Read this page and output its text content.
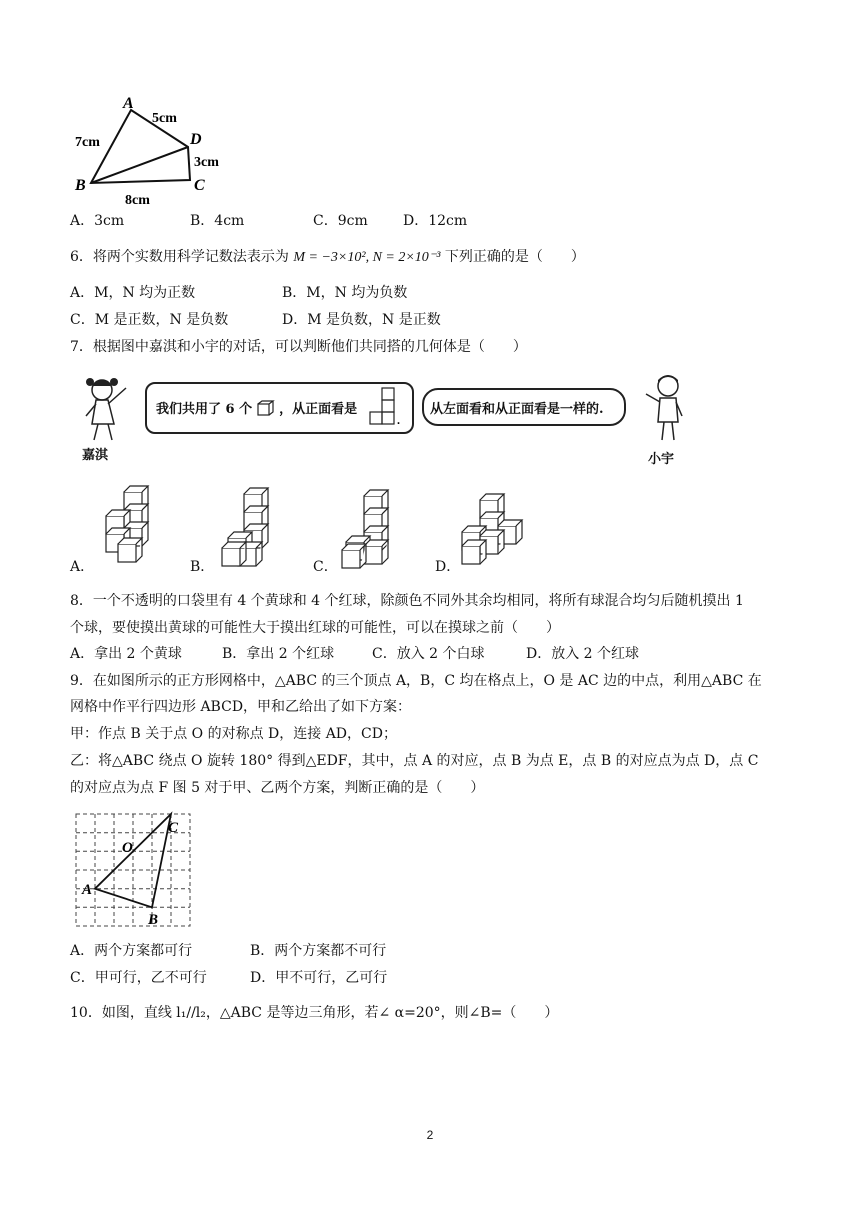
A
B	C
D
7cm
5cm
3cm
8cm
A．3cm	B．4cm	C．9cm	D．12cm
6．将两个实数用科学记数法表示为 M = −3×10², N = 2×10⁻³ 下列正确的是（　　）
A．M，N 均为正数	B．M，N 均为负数
C．M 是正数，N 是负数	D．M 是负数，N 是正数
7．根据图中嘉淇和小宇的对话，可以判断他们共同搭的几何体是（　　）
嘉淇
我们共用了 6 个 ，从正面看是
.
从左面看和从正面看是一样的.
小宇
A．	B．	C．	D．
8．一个不透明的口袋里有 4 个黄球和 4 个红球，除颜色不同外其余均相同，将所有球混合均匀后随机摸出 1
个球，要使摸出黄球的可能性大于摸出红球的可能性，可以在摸球之前（　　）
A．拿出 2 个黄球	B．拿出 2 个红球	C．放入 2 个白球	D．放入 2 个红球
9．在如图所示的正方形网格中，△ABC 的三个顶点 A，B，C 均在格点上，O 是 AC 边的中点，利用△ABC 在
网格中作平行四边形 ABCD，甲和乙给出了如下方案：
甲：作点 B 关于点 O 的对称点 D，连接 AD，CD；
乙：将△ABC 绕点 O 旋转 180° 得到△EDF，其中，点 A 的对应，点 B 为点 E，点 B 的对应点为点 D，点 C
的对应点为点 F 图 5 对于甲、乙两个方案，判断正确的是（　　）
A
B
C
O
A．两个方案都可行	B．两个方案都不可行
C．甲可行，乙不可行	D．甲不可行，乙可行
10．如图，直线 l₁//l₂，△ABC 是等边三角形，若∠ α=20°，则∠B=（　　）
2
